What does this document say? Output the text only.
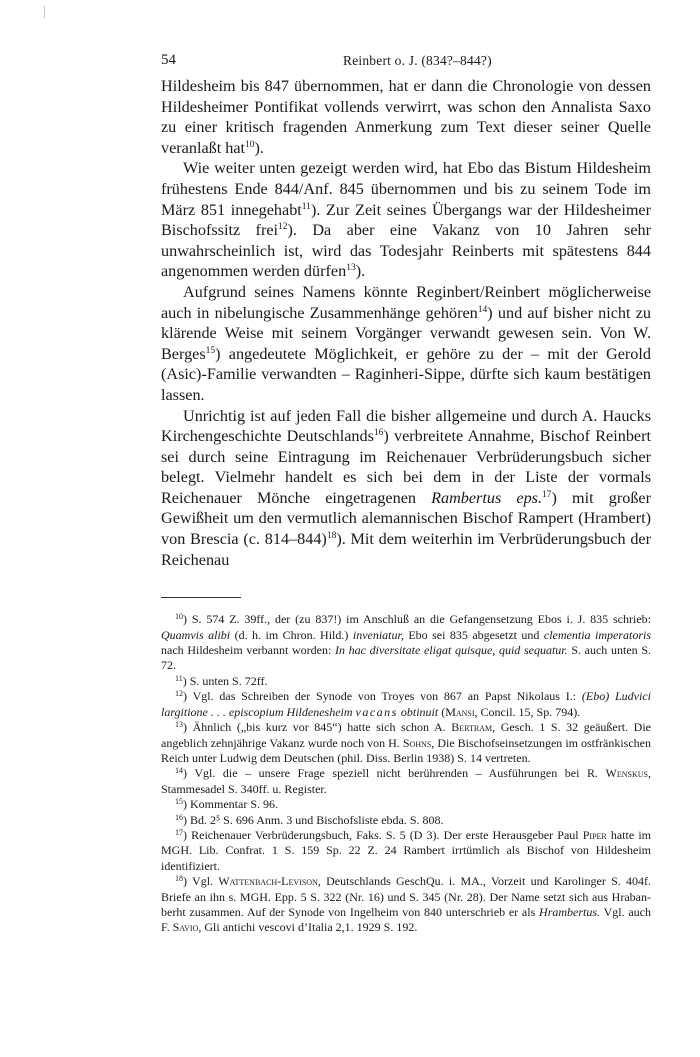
54	Reinbert o. J. (834?–844?)

Hildesheim bis 847 übernommen, hat er dann die Chronologie von dessen Hildesheimer Pontifikat vollends verwirrt, was schon den Annalista Saxo zu einer kritisch fragenden Anmerkung zum Text dieser seiner Quelle veranlaßt hat$^{10}$).

Wie weiter unten gezeigt werden wird, hat Ebo das Bistum Hildesheim frühestens Ende 844/Anf. 845 übernommen und bis zu seinem Tode im März 851 innegehabt$^{11}$). Zur Zeit seines Übergangs war der Hildesheimer Bischofssitz frei$^{12}$). Da aber eine Vakanz von 10 Jahren sehr unwahrscheinlich ist, wird das Todesjahr Reinberts mit spätestens 844 angenommen werden dürfen$^{13}$).

Aufgrund seines Namens könnte Reginbert/Reinbert möglicherweise auch in nibelungische Zusammenhänge gehören$^{14}$) und auf bisher nicht zu klärende Weise mit seinem Vorgänger verwandt gewesen sein. Von W. Berges$^{15}$) angedeutete Möglichkeit, er gehöre zu der – mit der Gerold (Asic)-Familie verwandten – Raginheri-Sippe, dürfte sich kaum bestätigen lassen.

Unrichtig ist auf jeden Fall die bisher allgemeine und durch A. Haucks Kirchengeschichte Deutschlands$^{16}$) verbreitete Annahme, Bischof Reinbert sei durch seine Eintragung im Reichenauer Verbrüderungsbuch sicher belegt. Vielmehr handelt es sich bei dem in der Liste der vormals Reichenauer Mönche eingetragenen Rambertus eps.$^{17}$) mit großer Gewißheit um den vermutlich alemannischen Bischof Rampert (Hrambert) von Brescia (c. 814–844)$^{18}$). Mit dem weiterhin im Verbrüderungsbuch der Reichenau

$^{10}$) S. 574 Z. 39ff., der (zu 837!) im Anschluß an die Gefangensetzung Ebos i. J. 835 schrieb: Quamvis alibi (d. h. im Chron. Hild.) inveniatur, Ebo sei 835 abgesetzt und clementia imperatoris nach Hildesheim verbannt worden: In hac diversitate eligat quisque, quid sequatur. S. auch unten S. 72.

$^{11}$) S. unten S. 72ff.

$^{12}$) Vgl. das Schreiben der Synode von Troyes von 867 an Papst Nikolaus I.: (Ebo) Ludvici largitione . . . episcopium Hildenesheim vacans obtinuit (Mansi, Concil. 15, Sp. 794).

$^{13}$) Ähnlich („bis kurz vor 845“) hatte sich schon A. Bertram, Gesch. 1 S. 32 geäußert. Die angeblich zehnjährige Vakanz wurde noch von H. Sohns, Die Bischofseinsetzungen im ostfränkischen Reich unter Ludwig dem Deutschen (phil. Diss. Berlin 1938) S. 14 vertreten.

$^{14}$) Vgl. die – unsere Frage speziell nicht berührenden – Ausführungen bei R. Wenskus, Stammesadel S. 340ff. u. Register.

$^{15}$) Kommentar S. 96.

$^{16}$) Bd. 2⁵ S. 696 Anm. 3 und Bischofsliste ebda. S. 808.

$^{17}$) Reichenauer Verbrüderungsbuch, Faks. S. 5 (D 3). Der erste Herausgeber Paul Piper hatte im MGH. Lib. Confrat. 1 S. 159 Sp. 22 Z. 24 Rambert irrtümlich als Bischof von Hildesheim identifiziert.

$^{18}$) Vgl. Wattenbach-Levison, Deutschlands GeschQu. i. MA., Vorzeit und Karolinger S. 404f. Briefe an ihn s. MGH. Epp. 5 S. 322 (Nr. 16) und S. 345 (Nr. 28). Der Name setzt sich aus Hraban-berht zusammen. Auf der Synode von Ingelheim von 840 unterschrieb er als Hrambertus. Vgl. auch F. Savio, Gli antichi vescovi d’Italia 2,1. 1929 S. 192.
